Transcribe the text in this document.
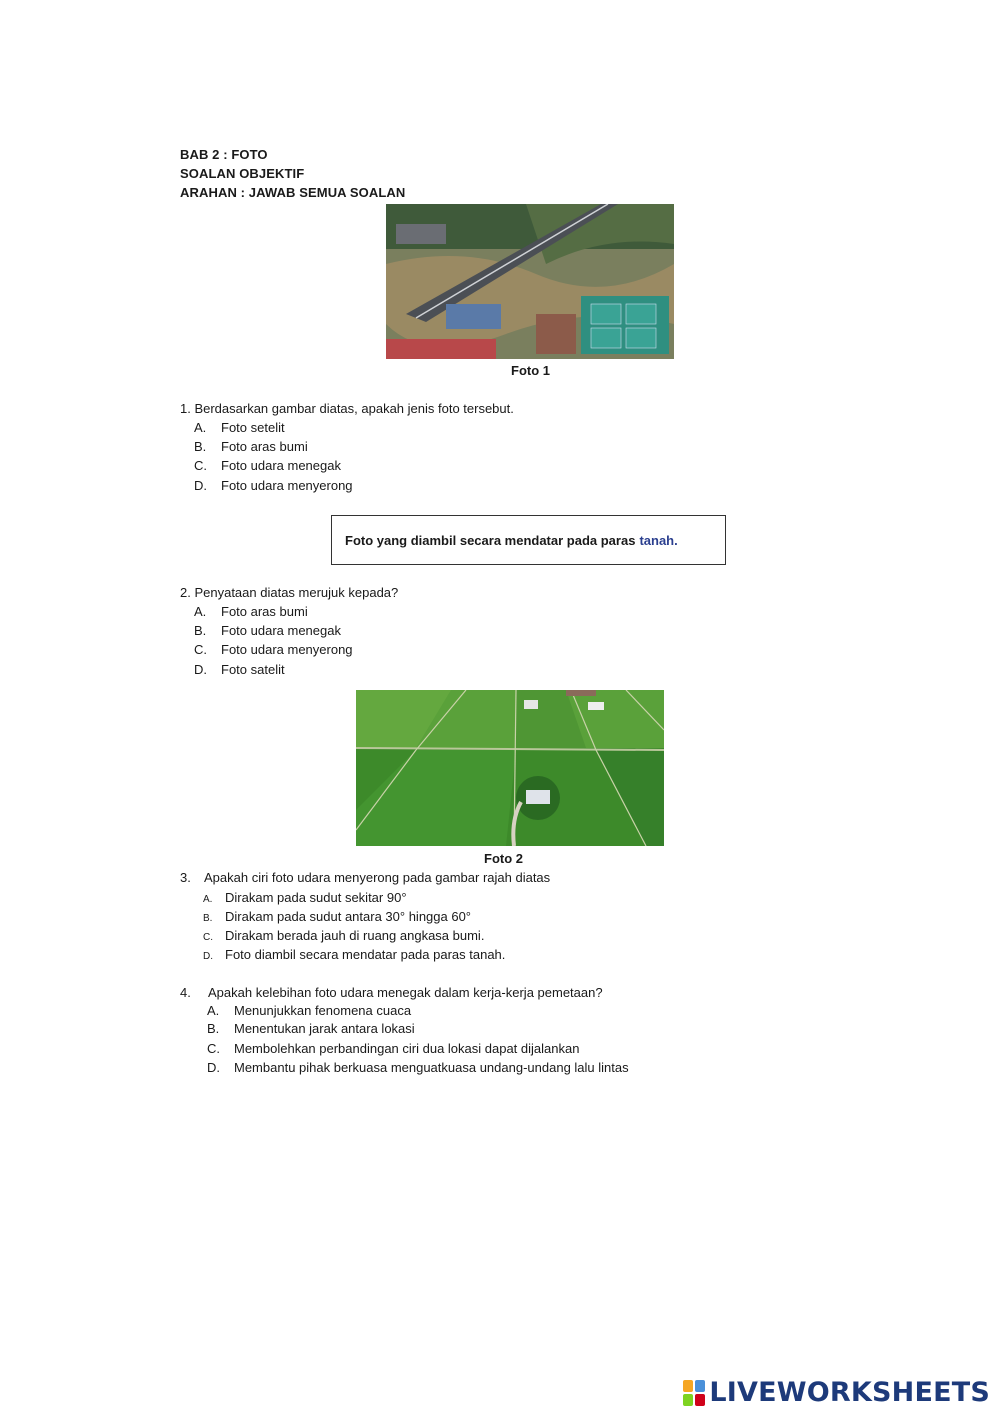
BAB 2 : FOTO
SOALAN OBJEKTIF
ARAHAN : JAWAB SEMUA SOALAN
Foto 1
1. Berdasarkan gambar diatas, apakah jenis foto tersebut.
A. Foto setelit
B. Foto aras bumi
C. Foto udara menegak
D. Foto udara menyerong
Foto yang diambil secara mendatar pada paras tanah.
2. Penyataan diatas merujuk kepada?
A. Foto aras bumi
B. Foto udara menegak
C. Foto udara menyerong
D. Foto satelit
Foto 2
3. Apakah ciri foto udara menyerong pada gambar rajah diatas
A. Dirakam pada sudut sekitar 90°
B. Dirakam pada sudut antara 30° hingga 60°
C. Dirakam berada jauh di ruang angkasa bumi.
D. Foto diambil secara mendatar pada paras tanah.
4. Apakah kelebihan foto udara menegak dalam kerja-kerja pemetaan?
A. Menunjukkan fenomena cuaca
B. Menentukan jarak antara lokasi
C. Membolehkan perbandingan ciri dua lokasi dapat dijalankan
D. Membantu pihak berkuasa menguatkuasa undang-undang lalu lintas
LIVEWORKSHEETS
